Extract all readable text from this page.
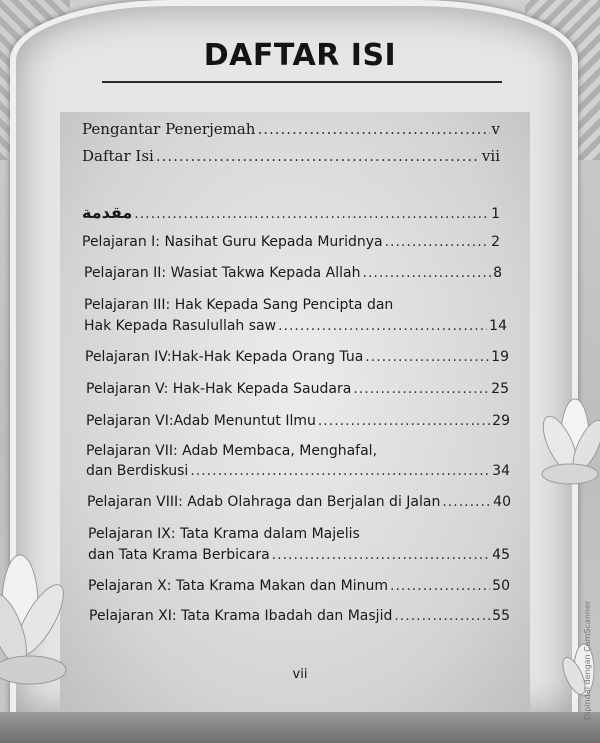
DAFTAR ISI
Pengantar Penerjemah .....	v
Daftar Isi .....	vii
مقدمة .....	1
Pelajaran I: Nasihat Guru Kepada Muridnya .....	2
Pelajaran II: Wasiat Takwa Kepada Allah .....	8
Pelajaran III: Hak Kepada Sang Pencipta dan
Hak Kepada Rasulullah saw .....	14
Pelajaran IV:Hak-Hak Kepada Orang Tua .....	19
Pelajaran V: Hak-Hak Kepada Saudara .....	25
Pelajaran VI:Adab Menuntut Ilmu .....	29
Pelajaran VII: Adab Membaca, Menghafal,
dan Berdiskusi .....	34
Pelajaran VIII: Adab Olahraga dan Berjalan di Jalan .....	40
Pelajaran IX: Tata Krama dalam Majelis
dan Tata Krama Berbicara .....	45
Pelajaran X: Tata Krama Makan dan Minum .....	50
Pelajaran XI: Tata Krama Ibadah dan Masjid .....	55
vii	Dipindai dengan CamScanner
